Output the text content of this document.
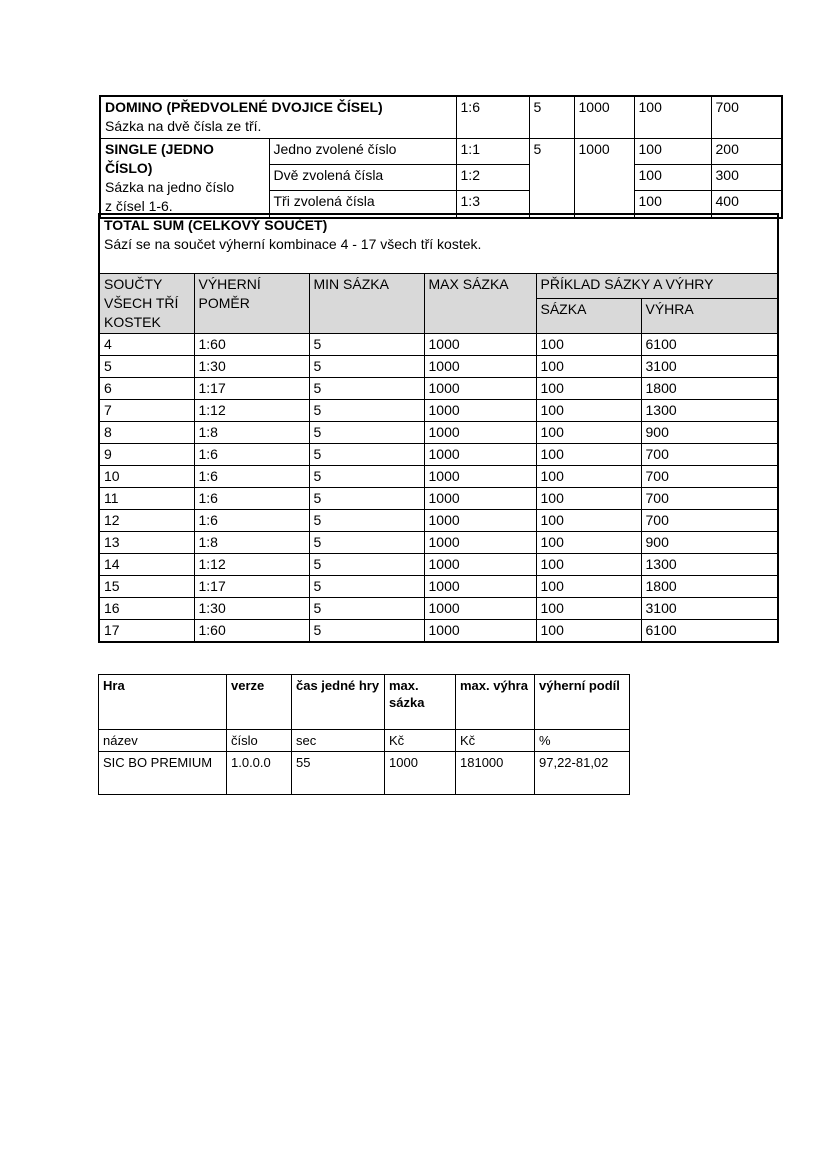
DOMINO (PŘEDVOLENÉ DVOJICE ČÍSEL)
Sázka na dvě čísla ze tří.		1:6	5	1000	100	700

SINGLE (JEDNO ČÍSLO)
Sázka na jedno číslo
z čísel 1-6.	Jedno zvolené číslo	1:1	5	1000	100	200
	Dvě zvolená čísla	1:2			100	300
	Tři zvolená čísla	1:3			100	400
TOTAL SUM (CELKOVÝ SOUČET)
Sází se na součet výherní kombinace 4 - 17 všech tří kostek.					

SOUČTY VŠECH TŘÍ KOSTEK	VÝHERNÍ POMĚR	MIN SÁZKA	MAX SÁZKA	PŘÍKLAD SÁZKY A VÝHRY	
				SÁZKA	VÝHRA
4	1:60	5	1000	100	6100
5	1:30	5	1000	100	3100
6	1:17	5	1000	100	1800
7	1:12	5	1000	100	1300
8	1:8	5	1000	100	900
9	1:6	5	1000	100	700
10	1:6	5	1000	100	700
11	1:6	5	1000	100	700
12	1:6	5	1000	100	700
13	1:8	5	1000	100	900
14	1:12	5	1000	100	1300
15	1:17	5	1000	100	1800
16	1:30	5	1000	100	3100
17	1:60	5	1000	100	6100
Hra	verze	čas jedné hry	max. sázka	max. výhra	výherní podíl
název	číslo	sec	Kč	Kč	%
SIC BO PREMIUM	1.0.0.0	55	1000	181000	97,22-81,02
